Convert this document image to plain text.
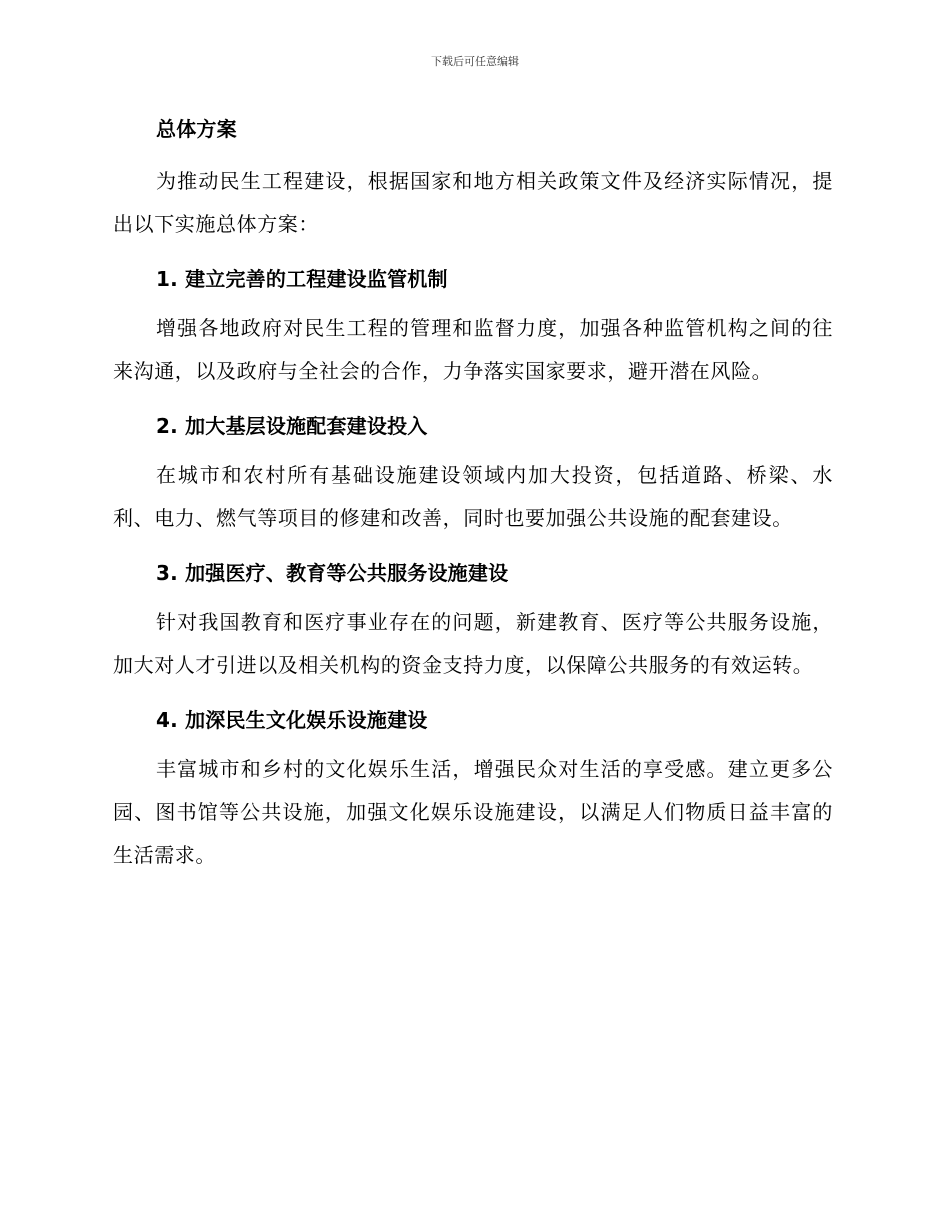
下载后可任意编辑
总体方案

为推动民生工程建设，根据国家和地方相关政策文件及经济实际情况，提出以下实施总体方案：

1. 建立完善的工程建设监管机制

增强各地政府对民生工程的管理和监督力度，加强各种监管机构之间的往来沟通，以及政府与全社会的合作，力争落实国家要求，避开潜在风险。

2. 加大基层设施配套建设投入

在城市和农村所有基础设施建设领域内加大投资，包括道路、桥梁、水利、电力、燃气等项目的修建和改善，同时也要加强公共设施的配套建设。

3. 加强医疗、教育等公共服务设施建设

针对我国教育和医疗事业存在的问题，新建教育、医疗等公共服务设施，加大对人才引进以及相关机构的资金支持力度，以保障公共服务的有效运转。

4. 加深民生文化娱乐设施建设

丰富城市和乡村的文化娱乐生活，增强民众对生活的享受感。建立更多公园、图书馆等公共设施，加强文化娱乐设施建设，以满足人们物质日益丰富的生活需求。
